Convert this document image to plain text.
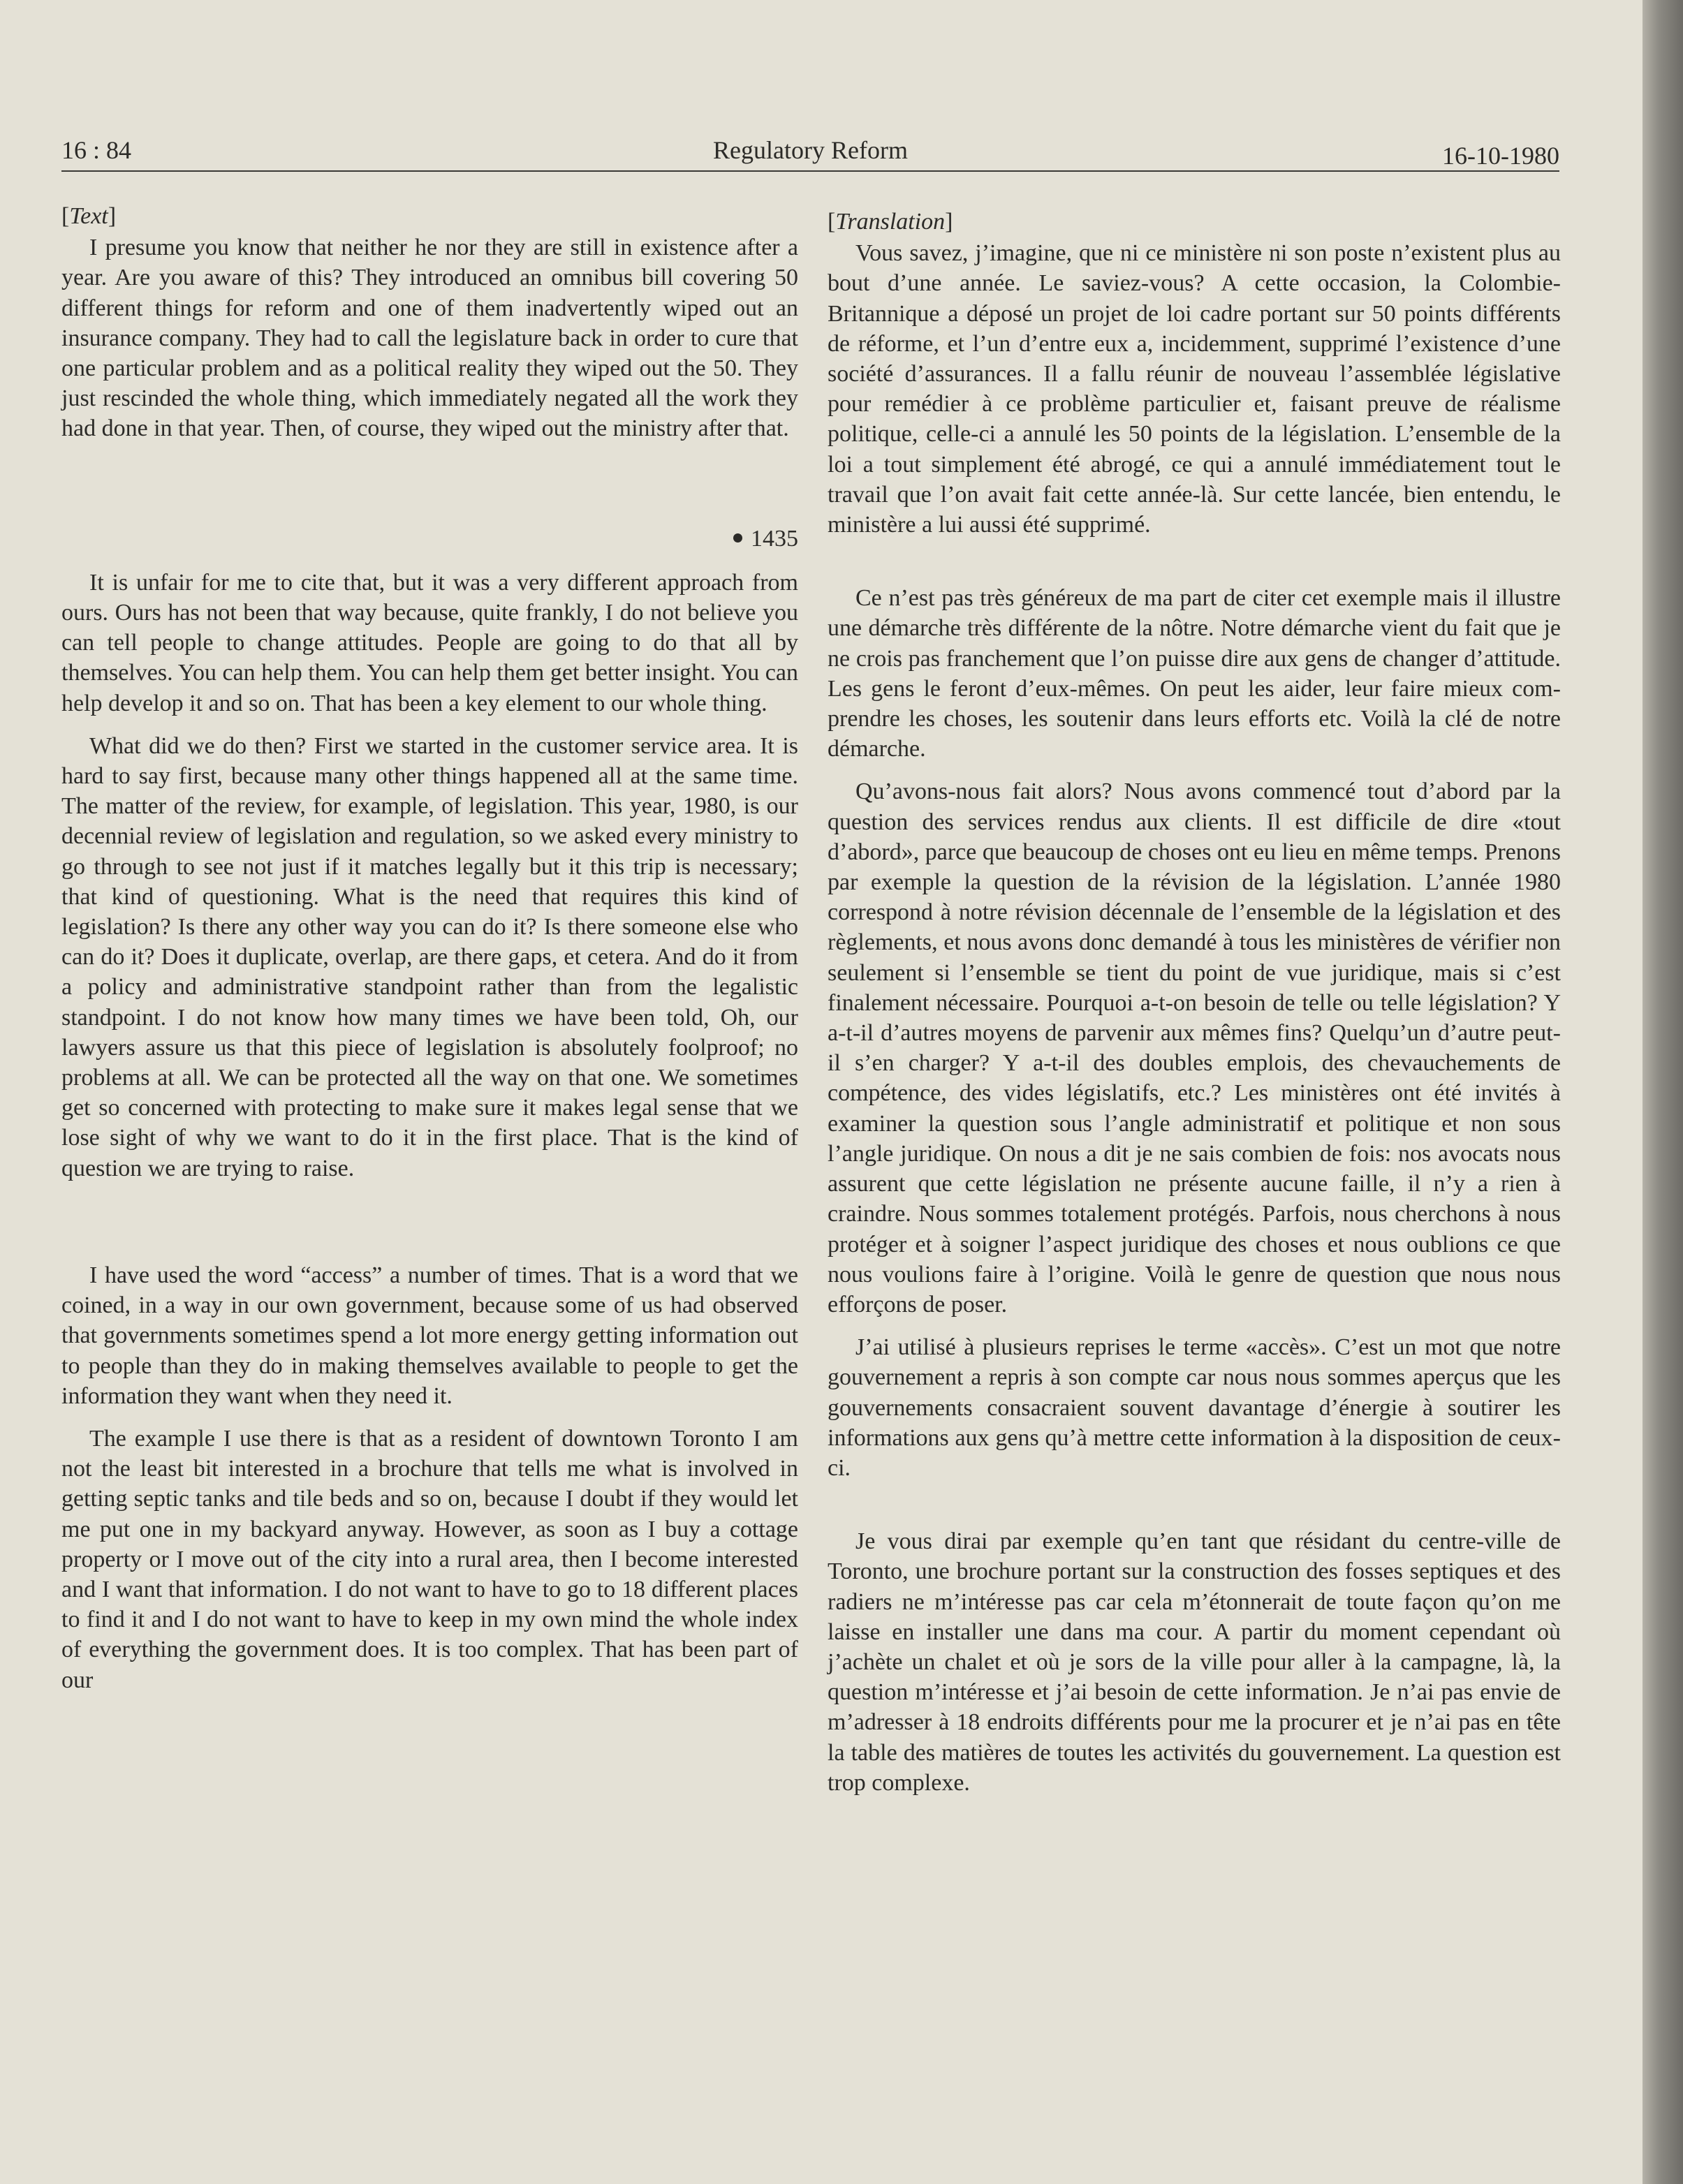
16 : 84	Regulatory Reform	16-10-1980
[Text]

I presume you know that neither he nor they are still in existence after a year. Are you aware of this? They introduced an omnibus bill covering 50 different things for reform and one of them inadvertently wiped out an insurance company. They had to call the legislature back in order to cure that one particular problem and as a political reality they wiped out the 50. They just rescinded the whole thing, which immediately negated all the work they had done in that year. Then, of course, they wiped out the ministry after that.

1435

It is unfair for me to cite that, but it was a very different approach from ours. Ours has not been that way because, quite frankly, I do not believe you can tell people to change attitudes. People are going to do that all by themselves. You can help them. You can help them get better insight. You can help develop it and so on. That has been a key element to our whole thing.

What did we do then? First we started in the customer service area. It is hard to say first, because many other things happened all at the same time. The matter of the review, for example, of legislation. This year, 1980, is our decennial review of legislation and regulation, so we asked every ministry to go through to see not just if it matches legally but it this trip is necessary; that kind of questioning. What is the need that requires this kind of legislation? Is there any other way you can do it? Is there someone else who can do it? Does it duplicate, overlap, are there gaps, et cetera. And do it from a policy and administrative standpoint rather than from the legalistic standpoint. I do not know how many times we have been told, Oh, our lawyers assure us that this piece of legislation is absolutely foolproof; no problems at all. We can be protected all the way on that one. We sometimes get so concerned with protecting to make sure it makes legal sense that we lose sight of why we want to do it in the first place. That is the kind of question we are trying to raise.

I have used the word “access” a number of times. That is a word that we coined, in a way in our own government, because some of us had observed that governments sometimes spend a lot more energy getting information out to people than they do in making themselves available to people to get the information they want when they need it.

The example I use there is that as a resident of downtown Toronto I am not the least bit interested in a brochure that tells me what is involved in getting septic tanks and tile beds and so on, because I doubt if they would let me put one in my backyard anyway. However, as soon as I buy a cottage property or I move out of the city into a rural area, then I become interested and I want that information. I do not want to have to go to 18 different places to find it and I do not want to have to keep in my own mind the whole index of everything the government does. It is too complex. That has been part of our

[Translation]

Vous savez, j’imagine, que ni ce ministère ni son poste n’existent plus au bout d’une année. Le saviez-vous? A cette occasion, la Colombie-Britannique a déposé un projet de loi cadre portant sur 50 points différents de réforme, et l’un d’entre eux a, incidemment, supprimé l’existence d’une société d’assurances. Il a fallu réunir de nouveau l’assemblée législative pour remédier à ce problème particulier et, faisant preuve de réalisme politique, celle-ci a annulé les 50 points de la législation. L’ensemble de la loi a tout simplement été abrogé, ce qui a annulé immédiatement tout le travail que l’on avait fait cette année-là. Sur cette lancée, bien entendu, le ministère a lui aussi été supprimé.

Ce n’est pas très généreux de ma part de citer cet exemple mais il illustre une démarche très différente de la nôtre. Notre démarche vient du fait que je ne crois pas franchement que l’on puisse dire aux gens de changer d’attitude. Les gens le feront d’eux-mêmes. On peut les aider, leur faire mieux comprendre les choses, les soutenir dans leurs efforts etc. Voilà la clé de notre démarche.

Qu’avons-nous fait alors? Nous avons commencé tout d’abord par la question des services rendus aux clients. Il est difficile de dire «tout d’abord», parce que beaucoup de choses ont eu lieu en même temps. Prenons par exemple la question de la révision de la législation. L’année 1980 correspond à notre révision décennale de l’ensemble de la législation et des règlements, et nous avons donc demandé à tous les ministères de vérifier non seulement si l’ensemble se tient du point de vue juridique, mais si c’est finalement nécessaire. Pourquoi a-t-on besoin de telle ou telle législation? Y a-t-il d’autres moyens de parvenir aux mêmes fins? Quelqu’un d’autre peut-il s’en charger? Y a-t-il des doubles emplois, des chevauchements de compétence, des vides législatifs, etc.? Les ministères ont été invités à examiner la question sous l’angle administratif et politique et non sous l’angle juridique. On nous a dit je ne sais combien de fois: nos avocats nous assurent que cette législation ne présente aucune faille, il n’y a rien à craindre. Nous sommes totalement protégés. Parfois, nous cherchons à nous protéger et à soigner l’aspect juridique des choses et nous oublions ce que nous voulions faire à l’origine. Voilà le genre de question que nous nous efforçons de poser.

J’ai utilisé à plusieurs reprises le terme «accès». C’est un mot que notre gouvernement a repris à son compte car nous nous sommes aperçus que les gouvernements consacraient souvent davantage d’énergie à soutirer les informations aux gens qu’à mettre cette information à la disposition de ceux-ci.

Je vous dirai par exemple qu’en tant que résidant du centre-ville de Toronto, une brochure portant sur la construction des fosses septiques et des radiers ne m’intéresse pas car cela m’étonnerait de toute façon qu’on me laisse en installer une dans ma cour. A partir du moment cependant où j’achète un chalet et où je sors de la ville pour aller à la campagne, là, la question m’intéresse et j’ai besoin de cette information. Je n’ai pas envie de m’adresser à 18 endroits différents pour me la procurer et je n’ai pas en tête la table des matières de toutes les activités du gouvernement. La question est trop complexe.
